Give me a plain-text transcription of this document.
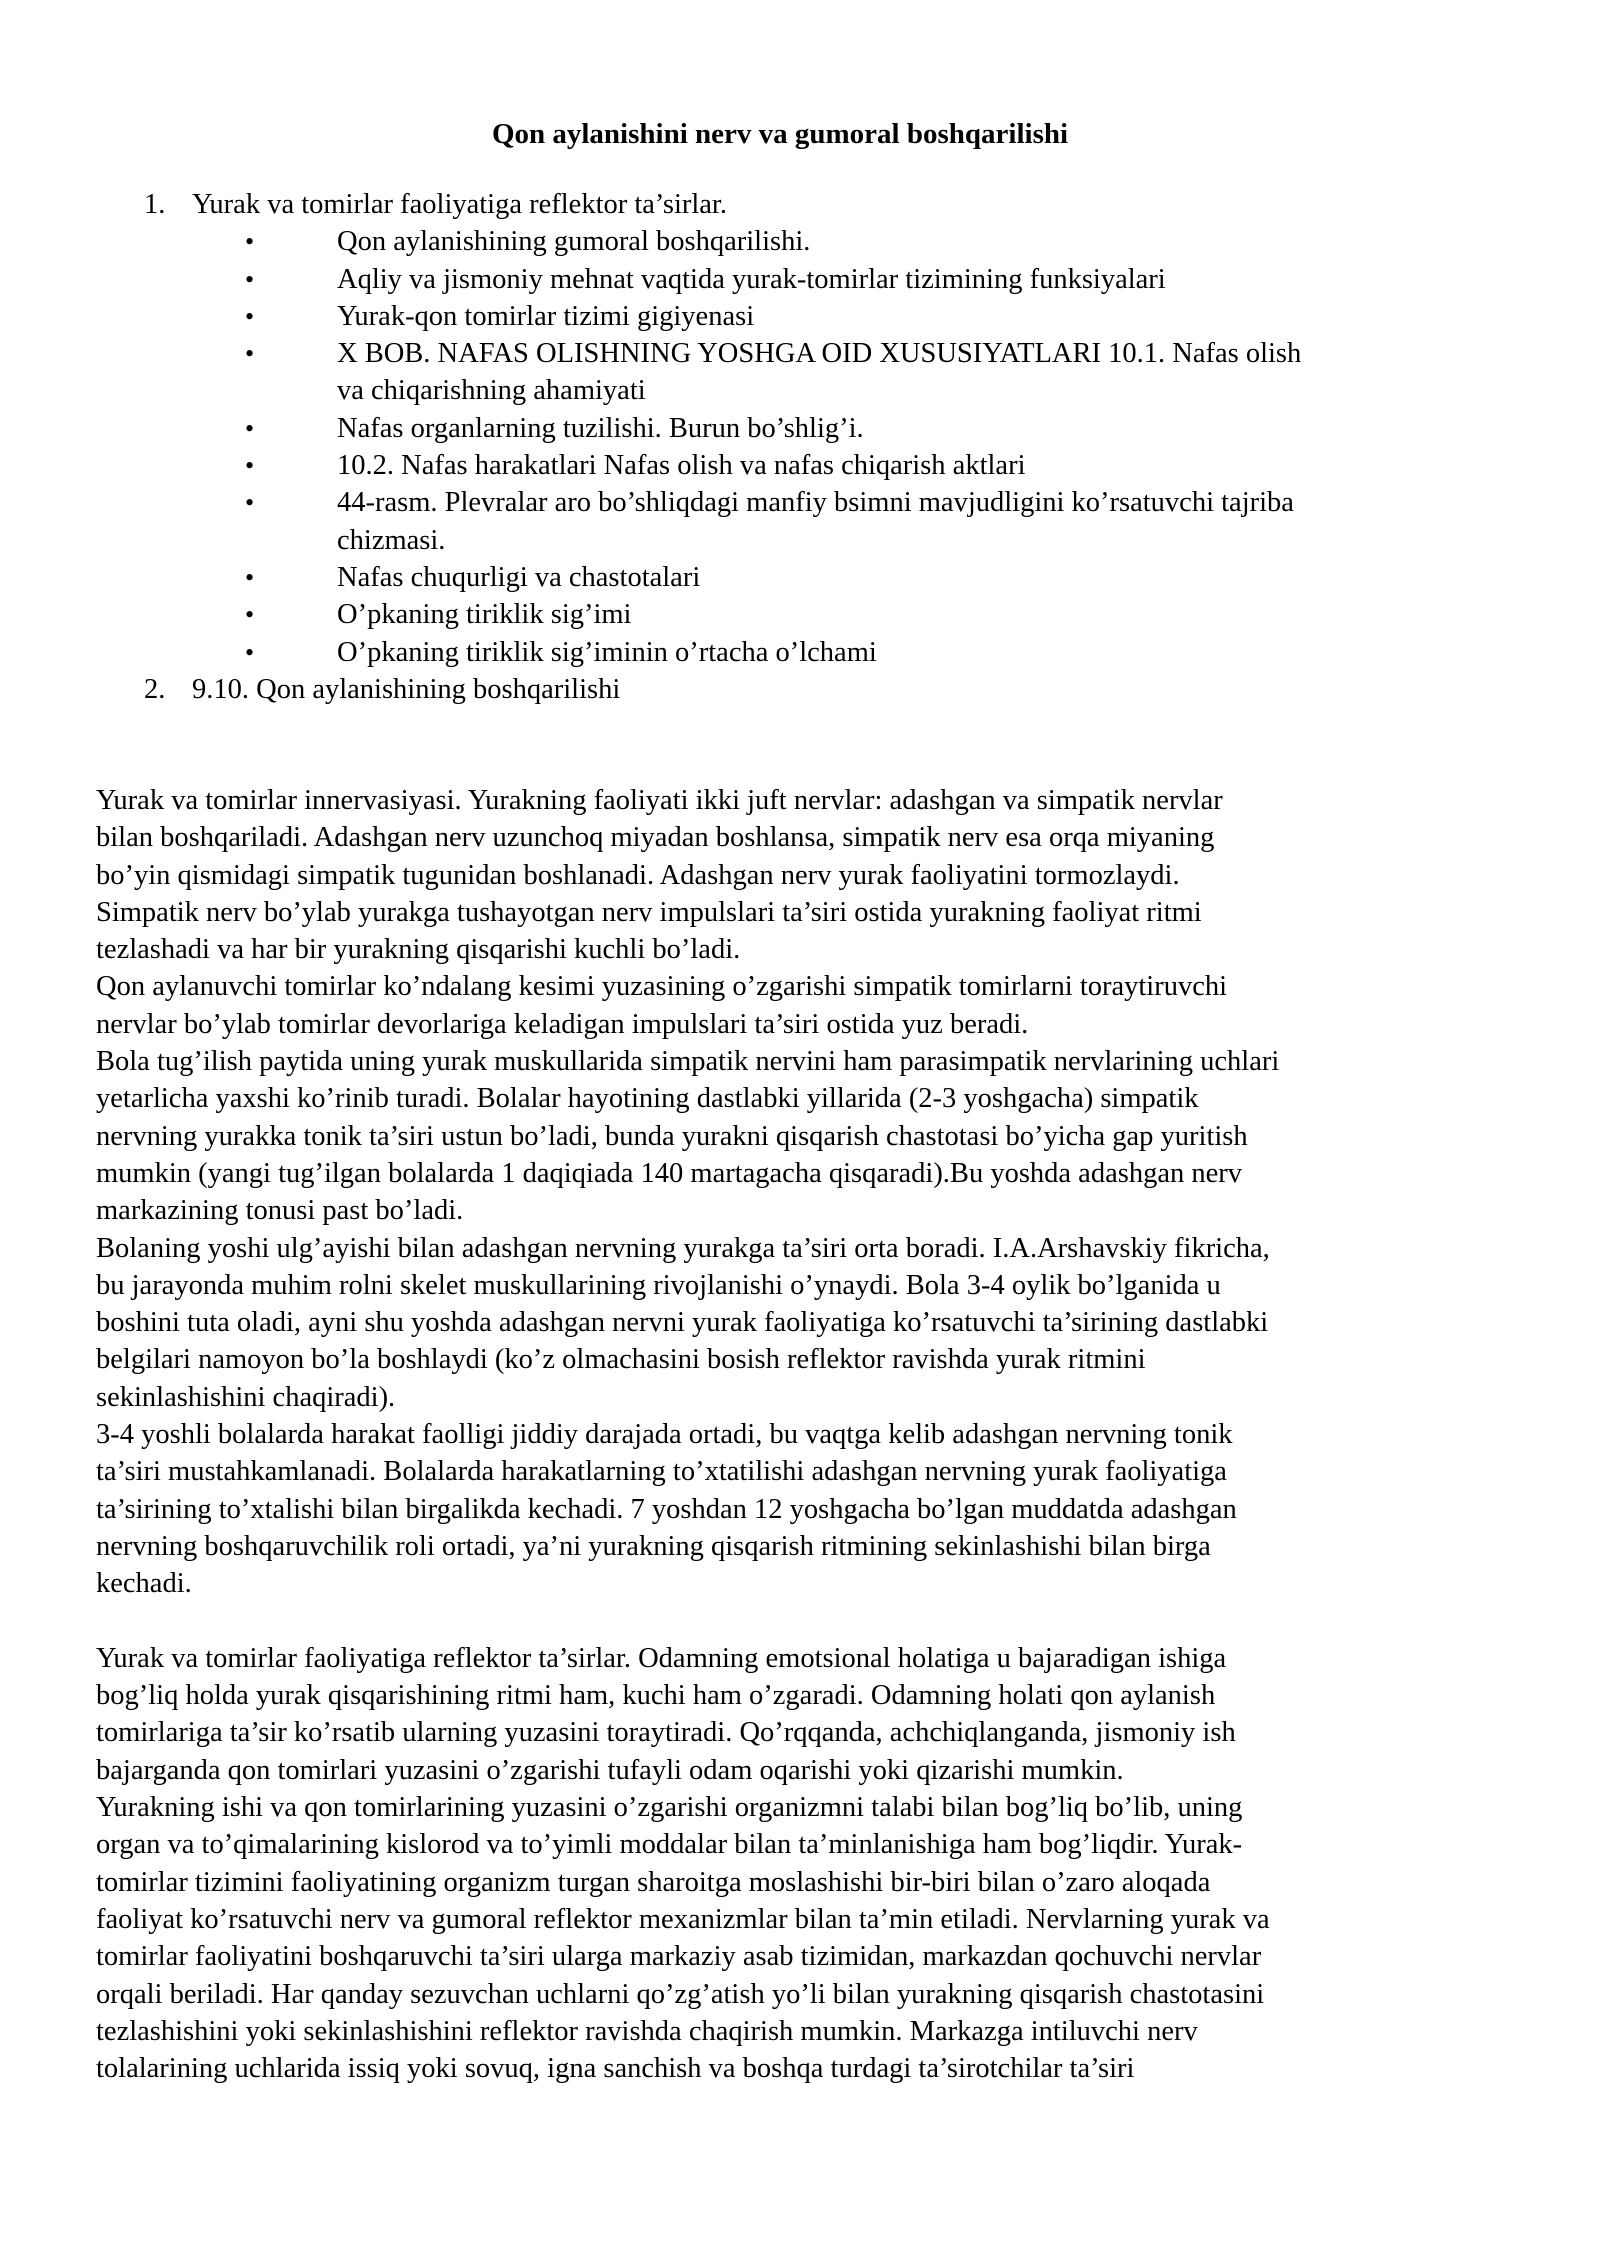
Qon aylanishini nerv va gumoral boshqarilishi
1. Yurak va tomirlar faoliyatiga reflektor ta’sirlar.
•	Qon aylanishining gumoral boshqarilishi.
•	Aqliy va jismoniy mehnat vaqtida yurak-tomirlar tizimining funksiyalari
•	Yurak-qon tomirlar tizimi gigiyenasi
•	X BOB. NAFAS OLISHNING YOSHGA OID XUSUSIYATLARI 10.1. Nafas olish
va chiqarishning ahamiyati
•	Nafas organlarning tuzilishi. Burun bo’shlig’i.
•	10.2. Nafas harakatlari Nafas olish va nafas chiqarish aktlari
•	44-rasm. Plevralar aro bo’shliqdagi manfiy bsimni mavjudligini ko’rsatuvchi tajriba
chizmasi.
•	Nafas chuqurligi va chastotalari
•	O’pkaning tiriklik sig’imi
•	O’pkaning tiriklik sig’iminin o’rtacha o’lchami
2. 9.10. Qon aylanishining boshqarilishi

Yurak va tomirlar innervasiyasi. Yurakning faoliyati ikki juft nervlar: adashgan va simpatik nervlar
bilan boshqariladi. Adashgan nerv uzunchoq miyadan boshlansa, simpatik nerv esa orqa miyaning
bo’yin qismidagi simpatik tugunidan boshlanadi. Adashgan nerv yurak faoliyatini tormozlaydi.
Simpatik nerv bo’ylab yurakga tushayotgan nerv impulslari ta’siri ostida yurakning faoliyat ritmi
tezlashadi va har bir yurakning qisqarishi kuchli bo’ladi.

Qon aylanuvchi tomirlar ko’ndalang kesimi yuzasining o’zgarishi simpatik tomirlarni toraytiruvchi
nervlar bo’ylab tomirlar devorlariga keladigan impulslari ta’siri ostida yuz beradi.

Bola tug’ilish paytida uning yurak muskullarida simpatik nervini ham parasimpatik nervlarining uchlari
yetarlicha yaxshi ko’rinib turadi. Bolalar hayotining dastlabki yillarida (2-3 yoshgacha) simpatik
nervning yurakka tonik ta’siri ustun bo’ladi, bunda yurakni qisqarish chastotasi bo’yicha gap yuritish
mumkin (yangi tug’ilgan bolalarda 1 daqiqiada 140 martagacha qisqaradi).Bu yoshda adashgan nerv
markazining tonusi past bo’ladi.

Bolaning yoshi ulg’ayishi bilan adashgan nervning yurakga ta’siri orta boradi. I.A.Arshavskiy fikricha,
bu jarayonda muhim rolni skelet muskullarining rivojlanishi o’ynaydi. Bola 3-4 oylik bo’lganida u
boshini tuta oladi, ayni shu yoshda adashgan nervni yurak faoliyatiga ko’rsatuvchi ta’sirining dastlabki
belgilari namoyon bo’la boshlaydi (ko’z olmachasini bosish reflektor ravishda yurak ritmini
sekinlashishini chaqiradi).

3-4 yoshli bolalarda harakat faolligi jiddiy darajada ortadi, bu vaqtga kelib adashgan nervning tonik
ta’siri mustahkamlanadi. Bolalarda harakatlarning to’xtatilishi adashgan nervning yurak faoliyatiga
ta’sirining to’xtalishi bilan birgalikda kechadi. 7 yoshdan 12 yoshgacha bo’lgan muddatda adashgan
nervning boshqaruvchilik roli ortadi, ya’ni yurakning qisqarish ritmining sekinlashishi bilan birga
kechadi.

Yurak va tomirlar faoliyatiga reflektor ta’sirlar. Odamning emotsional holatiga u bajaradigan ishiga
bog’liq holda yurak qisqarishining ritmi ham, kuchi ham o’zgaradi. Odamning holati qon aylanish
tomirlariga ta’sir ko’rsatib ularning yuzasini toraytiradi. Qo’rqqanda, achchiqlanganda, jismoniy ish
bajarganda qon tomirlari yuzasini o’zgarishi tufayli odam oqarishi yoki qizarishi mumkin.

Yurakning ishi va qon tomirlarining yuzasini o’zgarishi organizmni talabi bilan bog’liq bo’lib, uning
organ va to’qimalarining kislorod va to’yimli moddalar bilan ta’minlanishiga ham bog’liqdir. Yurak-
tomirlar tizimini faoliyatining organizm turgan sharoitga moslashishi bir-biri bilan o’zaro aloqada
faoliyat ko’rsatuvchi nerv va gumoral reflektor mexanizmlar bilan ta’min etiladi. Nervlarning yurak va
tomirlar faoliyatini boshqaruvchi ta’siri ularga markaziy asab tizimidan, markazdan qochuvchi nervlar
orqali beriladi. Har qanday sezuvchan uchlarni qo’zg’atish yo’li bilan yurakning qisqarish chastotasini
tezlashishini yoki sekinlashishini reflektor ravishda chaqirish mumkin. Markazga intiluvchi nerv
tolalarining uchlarida issiq yoki sovuq, igna sanchish va boshqa turdagi ta’sirotchilar ta’siri
